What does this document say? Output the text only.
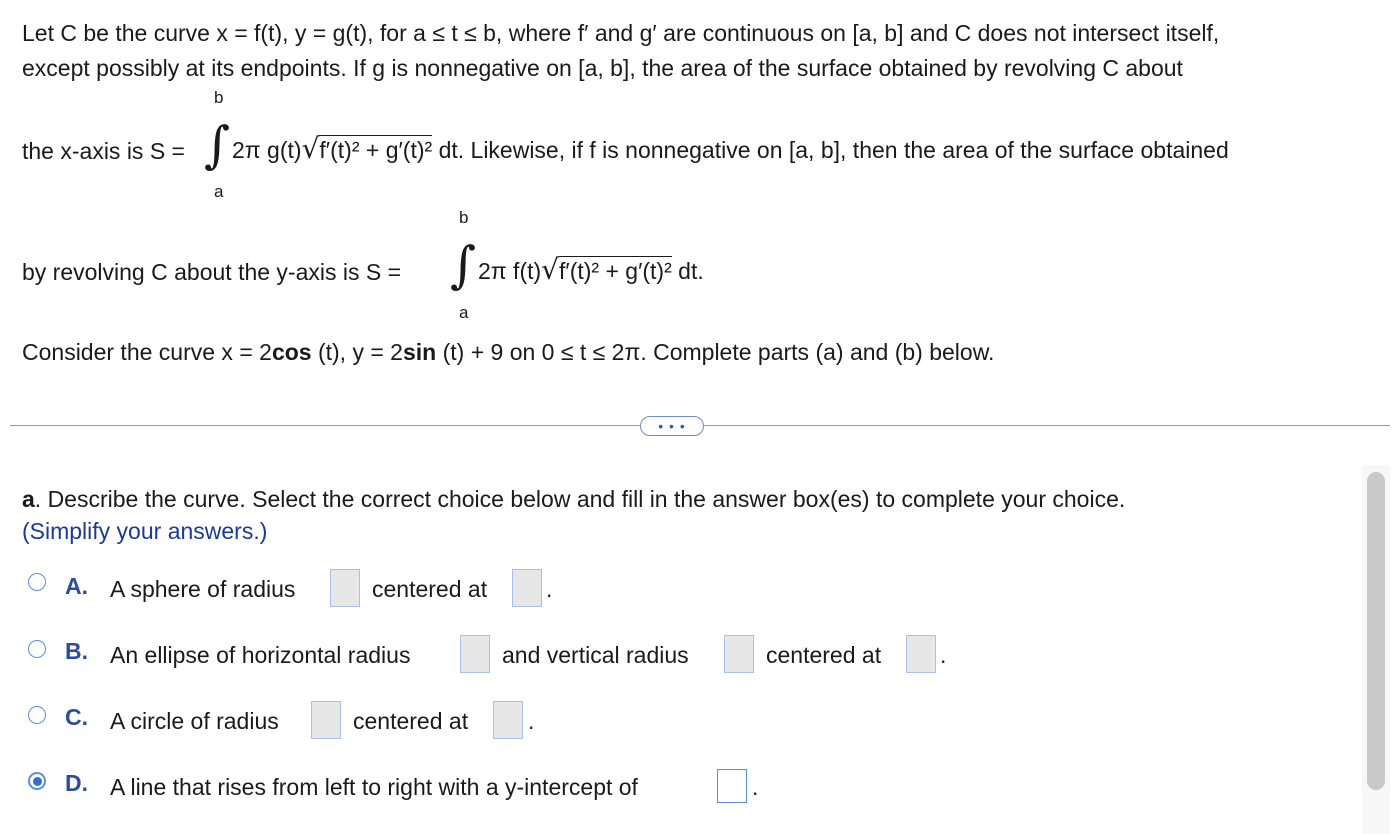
Let C be the curve x = f(t), y = g(t), for a ≤ t ≤ b, where f′ and g′ are continuous on [a, b] and C does not intersect itself,
except possibly at its endpoints. If g is nonnegative on [a, b], the area of the surface obtained by revolving C about
b
a
the x-axis is S = ∫ 2π g(t)√f′(t)² + g′(t)² dt. Likewise, if f is nonnegative on [a, b], then the area of the surface obtained
b
a
by revolving C about the y-axis is S = ∫ 2π f(t)√f′(t)² + g′(t)² dt.
Consider the curve x = 2cos (t), y = 2sin (t) + 9 on 0 ≤ t ≤ 2π. Complete parts (a) and (b) below.
• • •
a. Describe the curve. Select the correct choice below and fill in the answer box(es) to complete your choice.
(Simplify your answers.)
A. A sphere of radius	centered at	.
B. An ellipse of horizontal radius	and vertical radius	centered at	.
C. A circle of radius	centered at	.
D. A line that rises from left to right with a y-intercept of	.
